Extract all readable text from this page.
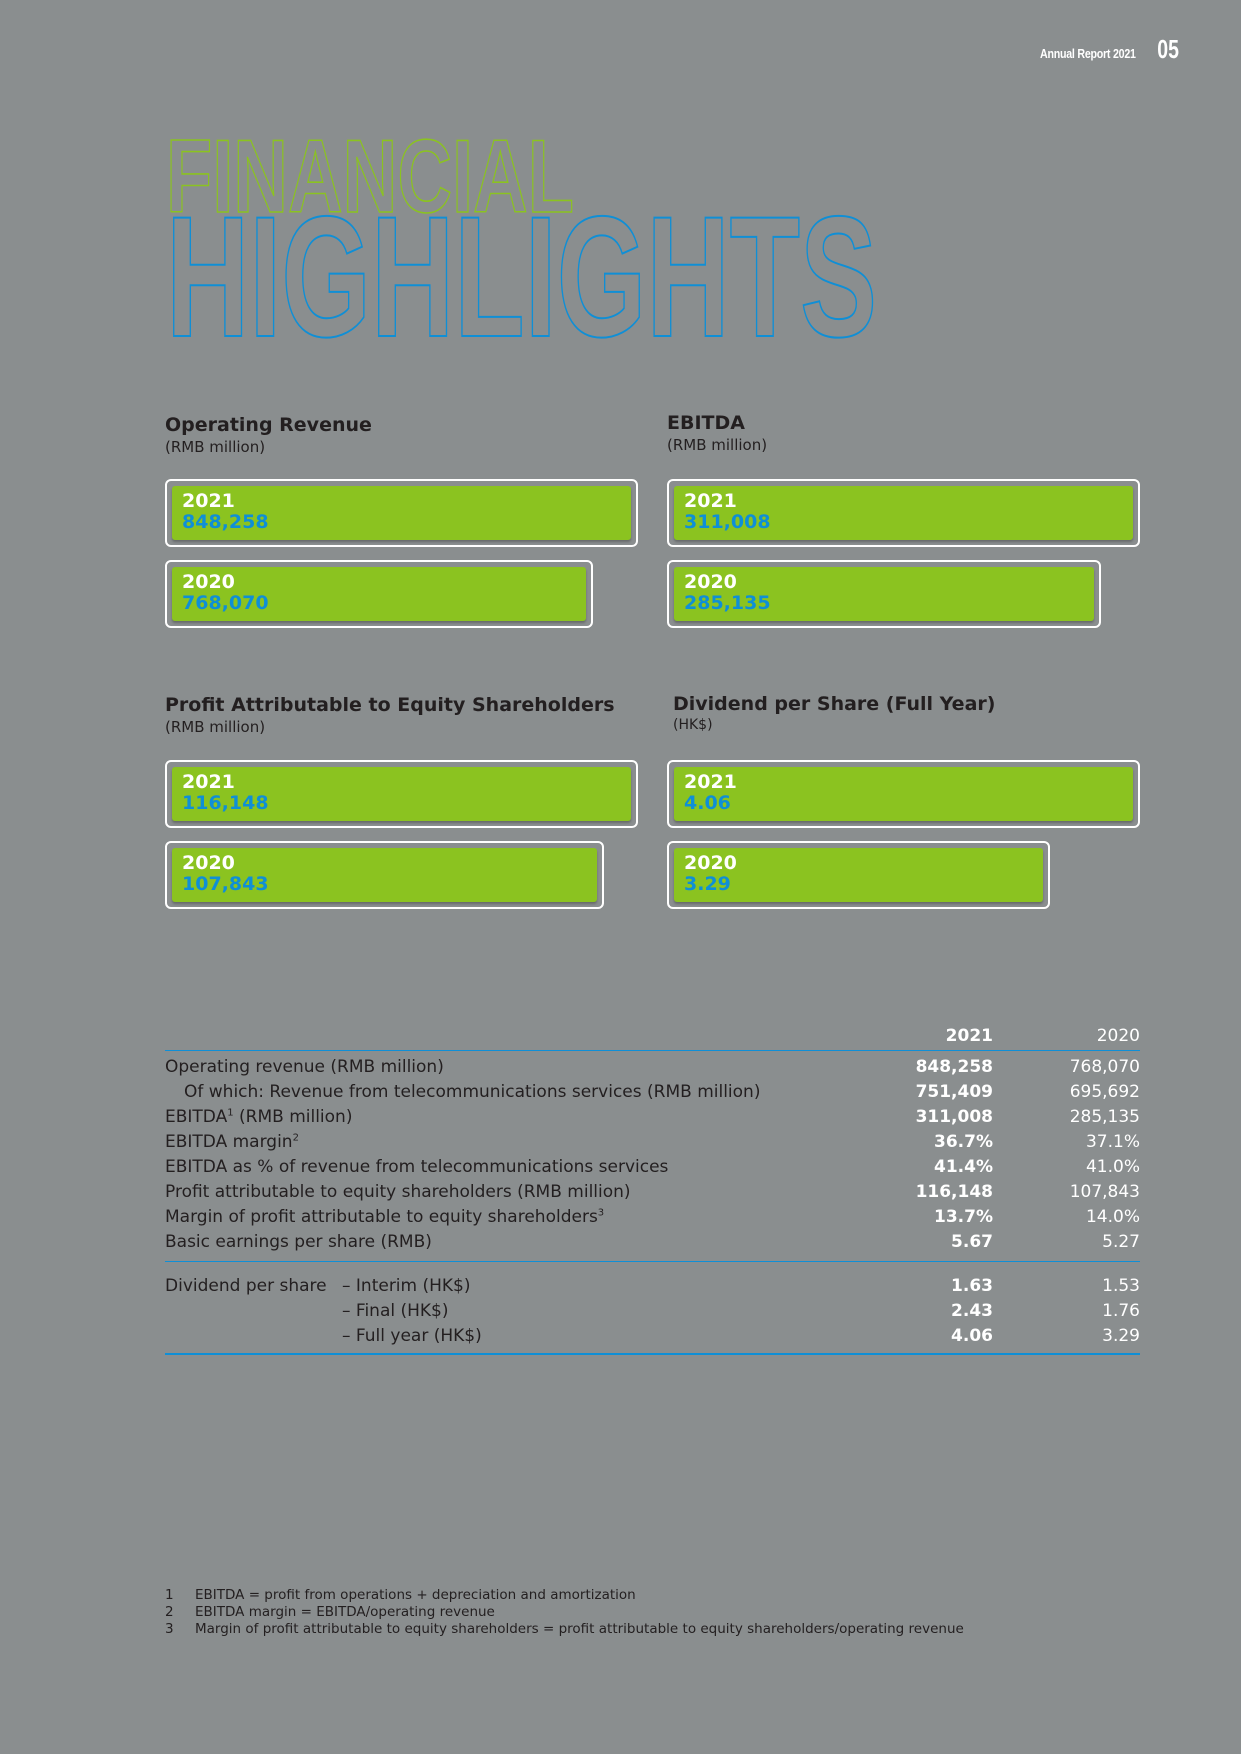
Annual Report 2021 05
FINANCIAL
HIGHLIGHTS

Operating Revenue

(RMB million)

2021
848,258
2020
768,070

EBITDA

(RMB million)

2021
311,008
2020
285,135

Profit Attributable to Equity Shareholders

(RMB million)

2021
116,148
2020
107,843

Dividend per Share (Full Year)

(HK$)

2021
4.06
2020
3.29
2021	2020
Operating revenue (RMB million)	848,258	768,070
Of which: Revenue from telecommunications services (RMB million)	751,409	695,692
EBITDA$^1$ (RMB million)	311,008	285,135
EBITDA margin$^2$	36.7%	37.1%
EBITDA as % of revenue from telecommunications services	41.4%	41.0%
Profit attributable to equity shareholders (RMB million)	116,148	107,843
Margin of profit attributable to equity shareholders$^3$	13.7%	14.0%
Basic earnings per share (RMB)	5.67	5.27
Dividend per share – Interim (HK$)	1.63	1.53
– Final (HK$)	2.43	1.76
– Full year (HK$)	4.06	3.29
1 EBITDA = profit from operations + depreciation and amortization
2 EBITDA margin = EBITDA/operating revenue
3 Margin of profit attributable to equity shareholders = profit attributable to equity shareholders/operating revenue
